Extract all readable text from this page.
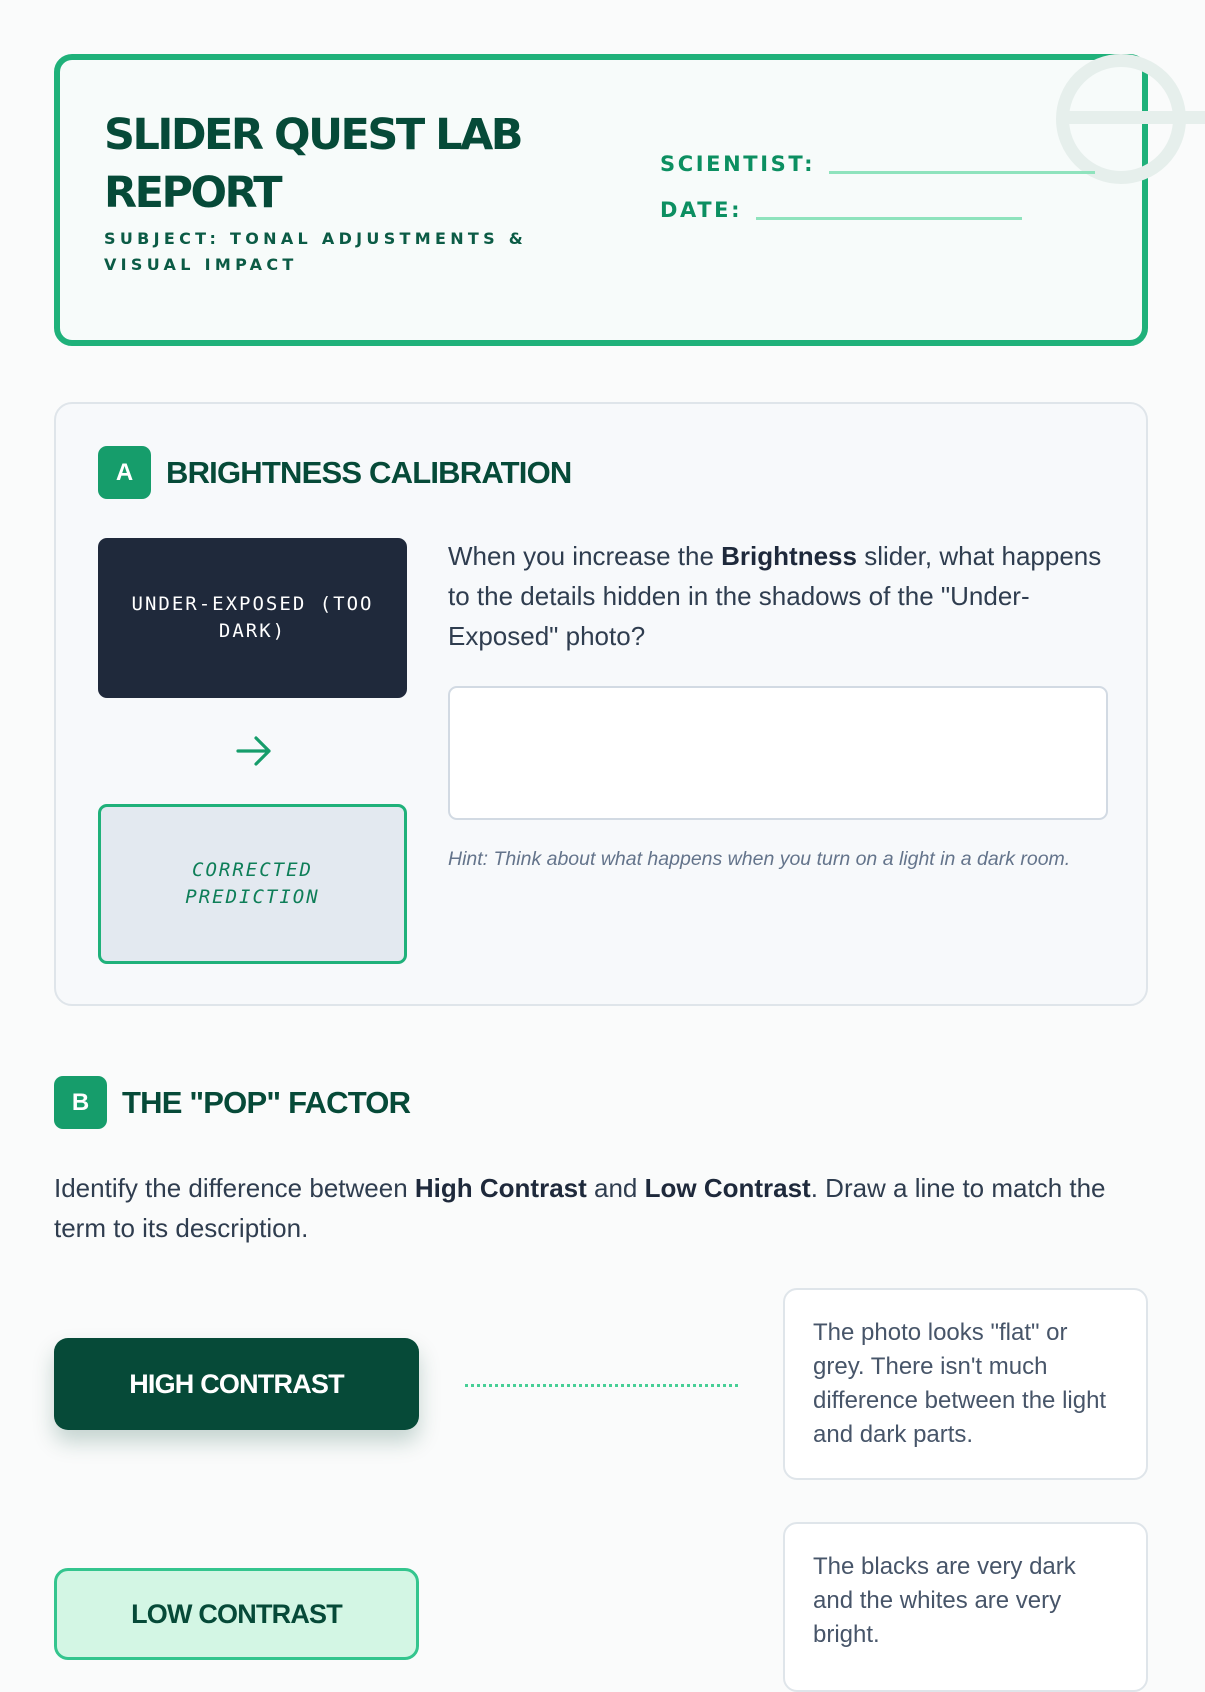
SLIDER QUEST LAB REPORT
SUBJECT: TONAL ADJUSTMENTS & VISUAL IMPACT
SCIENTIST:
DATE:
A	BRIGHTNESS CALIBRATION
UNDER-EXPOSED (TOO DARK)
CORRECTED PREDICTION

When you increase the Brightness slider, what happens to the details hidden in the shadows of the "Under-Exposed" photo?

Hint: Think about what happens when you turn on a light in a dark room.

B	THE "POP" FACTOR

Identify the difference between High Contrast and Low Contrast. Draw a line to match the term to its description.

HIGH CONTRAST
The photo looks "flat" or grey. There isn't much difference between the light and dark parts.
LOW CONTRAST
The blacks are very dark and the whites are very bright.
